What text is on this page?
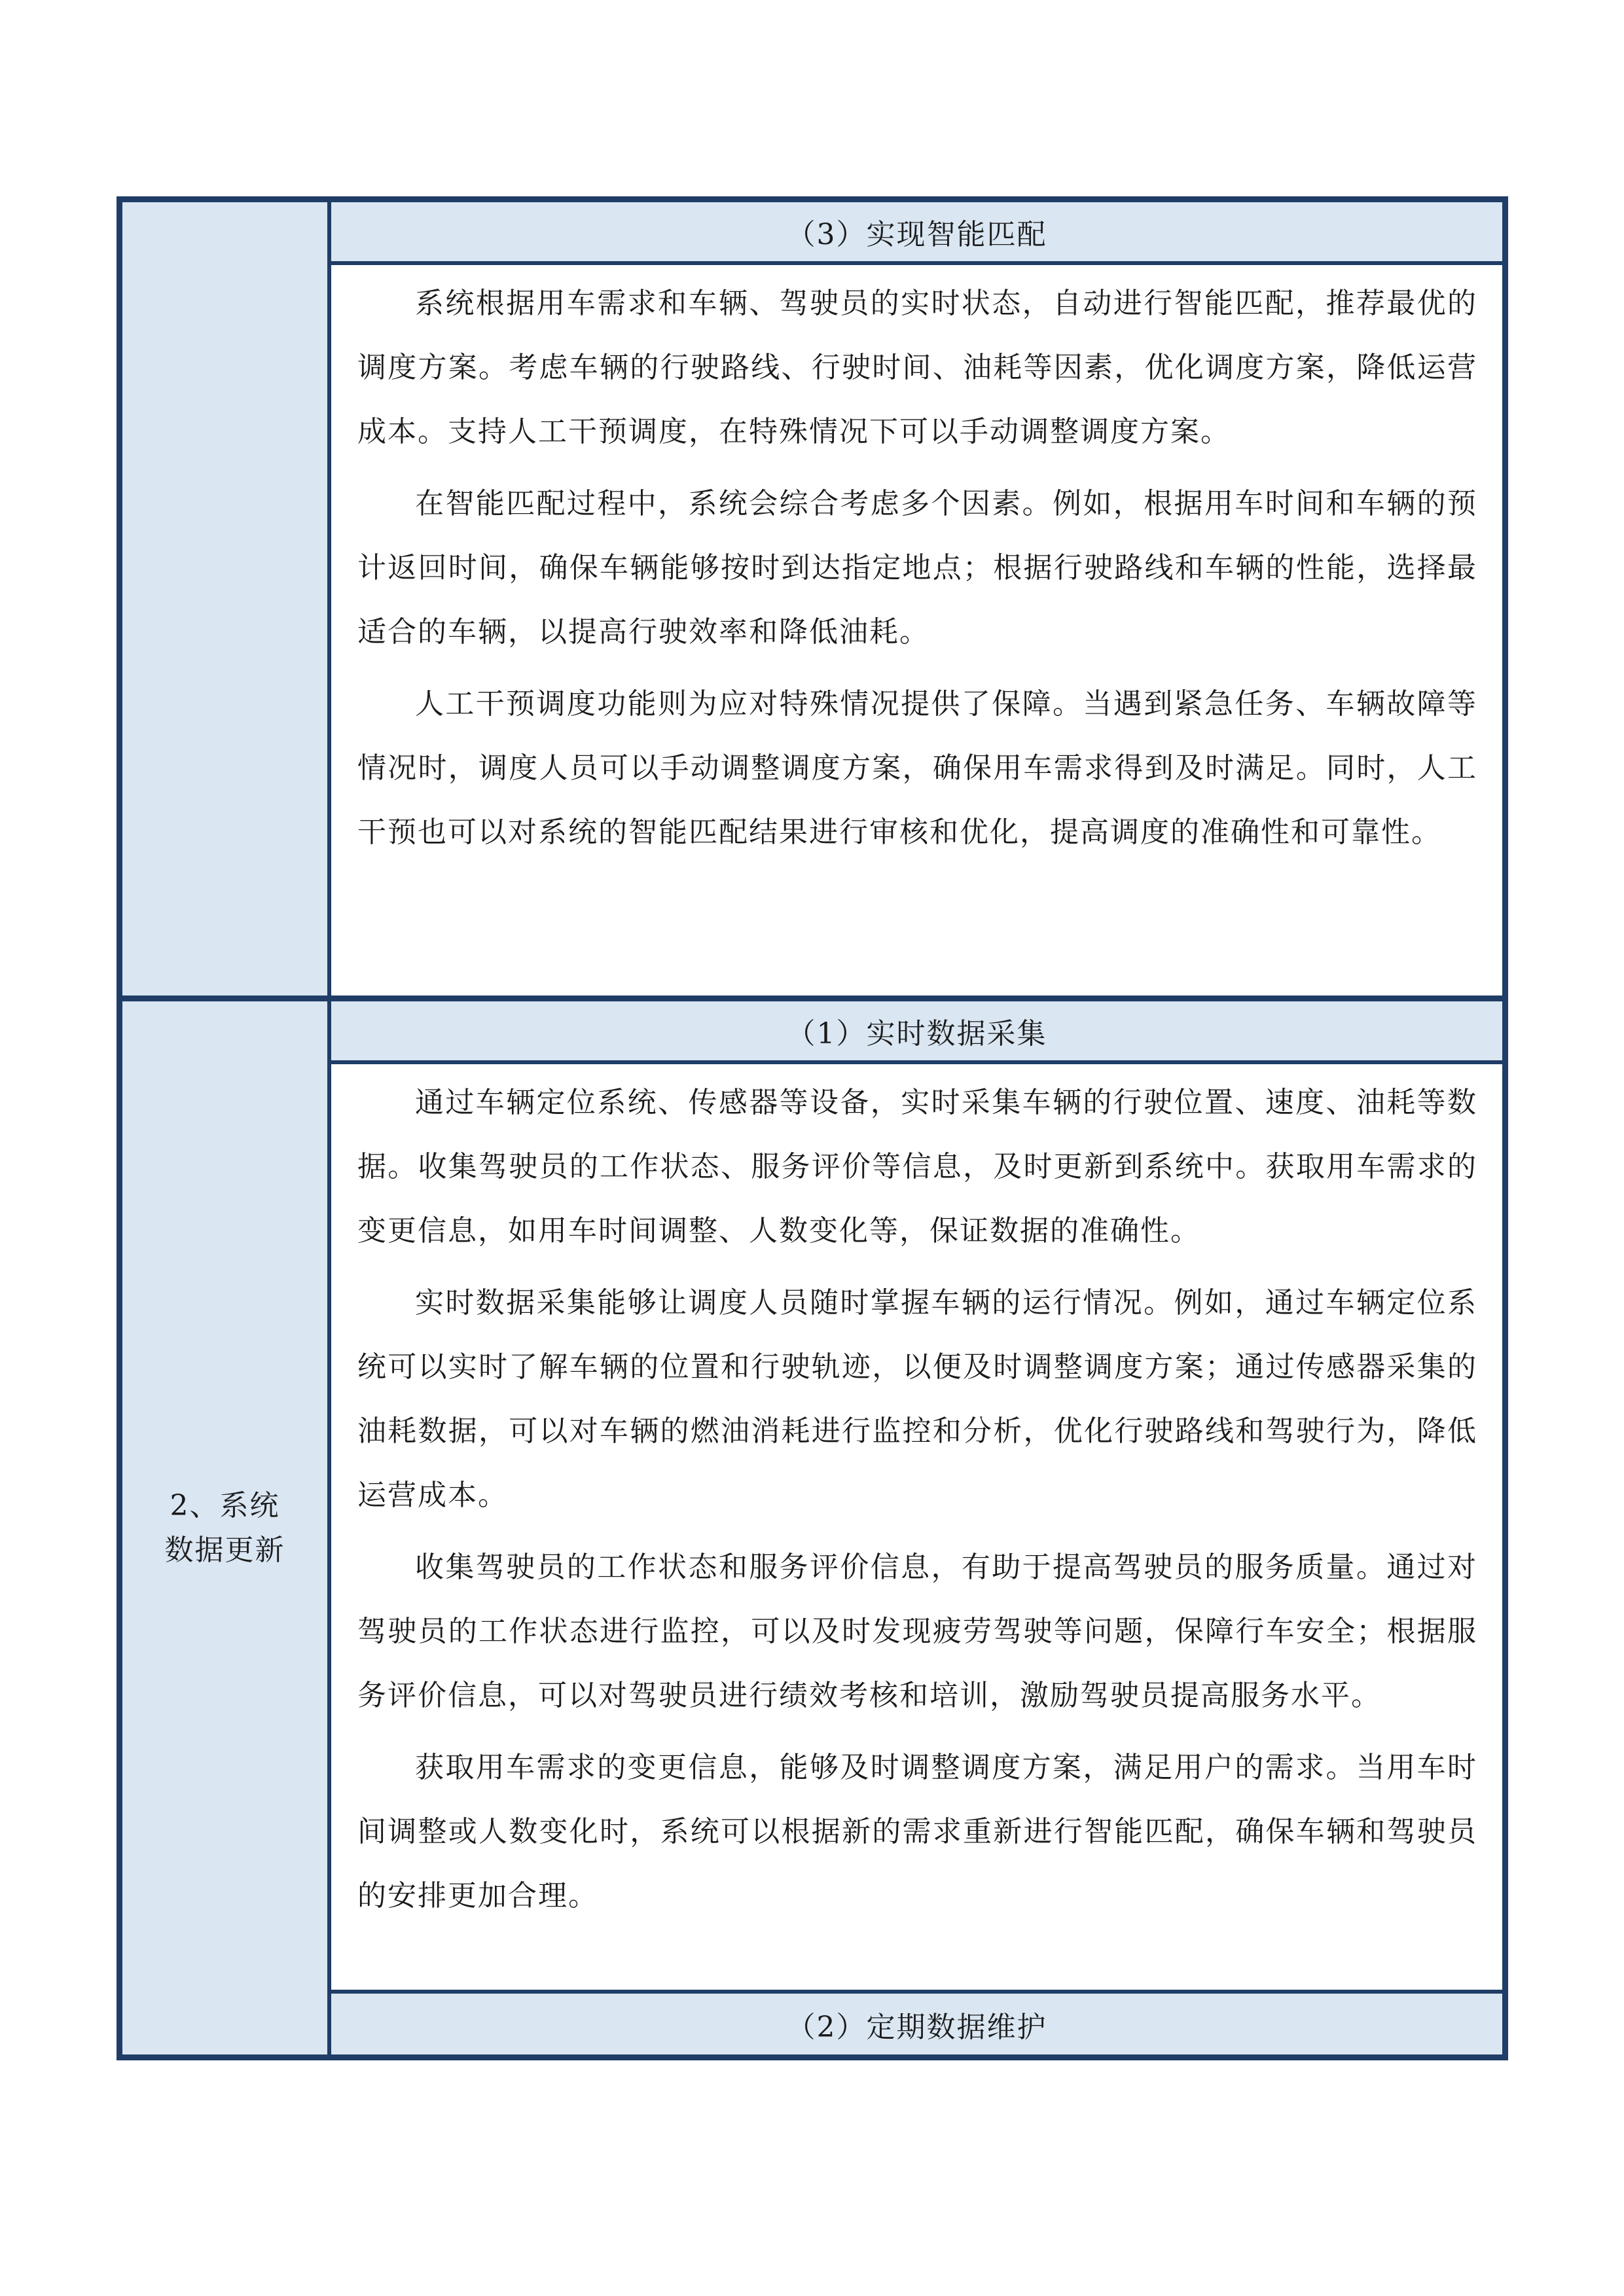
（3）实现智能匹配

系统根据用车需求和车辆、驾驶员的实时状态，自动进行智能匹配，推荐最优的调度方案。考虑车辆的行驶路线、行驶时间、油耗等因素，优化调度方案，降低运营成本。支持人工干预调度，在特殊情况下可以手动调整调度方案。

在智能匹配过程中，系统会综合考虑多个因素。例如，根据用车时间和车辆的预计返回时间，确保车辆能够按时到达指定地点；根据行驶路线和车辆的性能，选择最适合的车辆，以提高行驶效率和降低油耗。

人工干预调度功能则为应对特殊情况提供了保障。当遇到紧急任务、车辆故障等情况时，调度人员可以手动调整调度方案，确保用车需求得到及时满足。同时，人工干预也可以对系统的智能匹配结果进行审核和优化，提高调度的准确性和可靠性。

2、系统数据更新
（1）实时数据采集

通过车辆定位系统、传感器等设备，实时采集车辆的行驶位置、速度、油耗等数据。收集驾驶员的工作状态、服务评价等信息，及时更新到系统中。获取用车需求的变更信息，如用车时间调整、人数变化等，保证数据的准确性。

实时数据采集能够让调度人员随时掌握车辆的运行情况。例如，通过车辆定位系统可以实时了解车辆的位置和行驶轨迹，以便及时调整调度方案；通过传感器采集的油耗数据，可以对车辆的燃油消耗进行监控和分析，优化行驶路线和驾驶行为，降低运营成本。

收集驾驶员的工作状态和服务评价信息，有助于提高驾驶员的服务质量。通过对驾驶员的工作状态进行监控，可以及时发现疲劳驾驶等问题，保障行车安全；根据服务评价信息，可以对驾驶员进行绩效考核和培训，激励驾驶员提高服务水平。

获取用车需求的变更信息，能够及时调整调度方案，满足用户的需求。当用车时间调整或人数变化时，系统可以根据新的需求重新进行智能匹配，确保车辆和驾驶员的安排更加合理。

（2）定期数据维护
